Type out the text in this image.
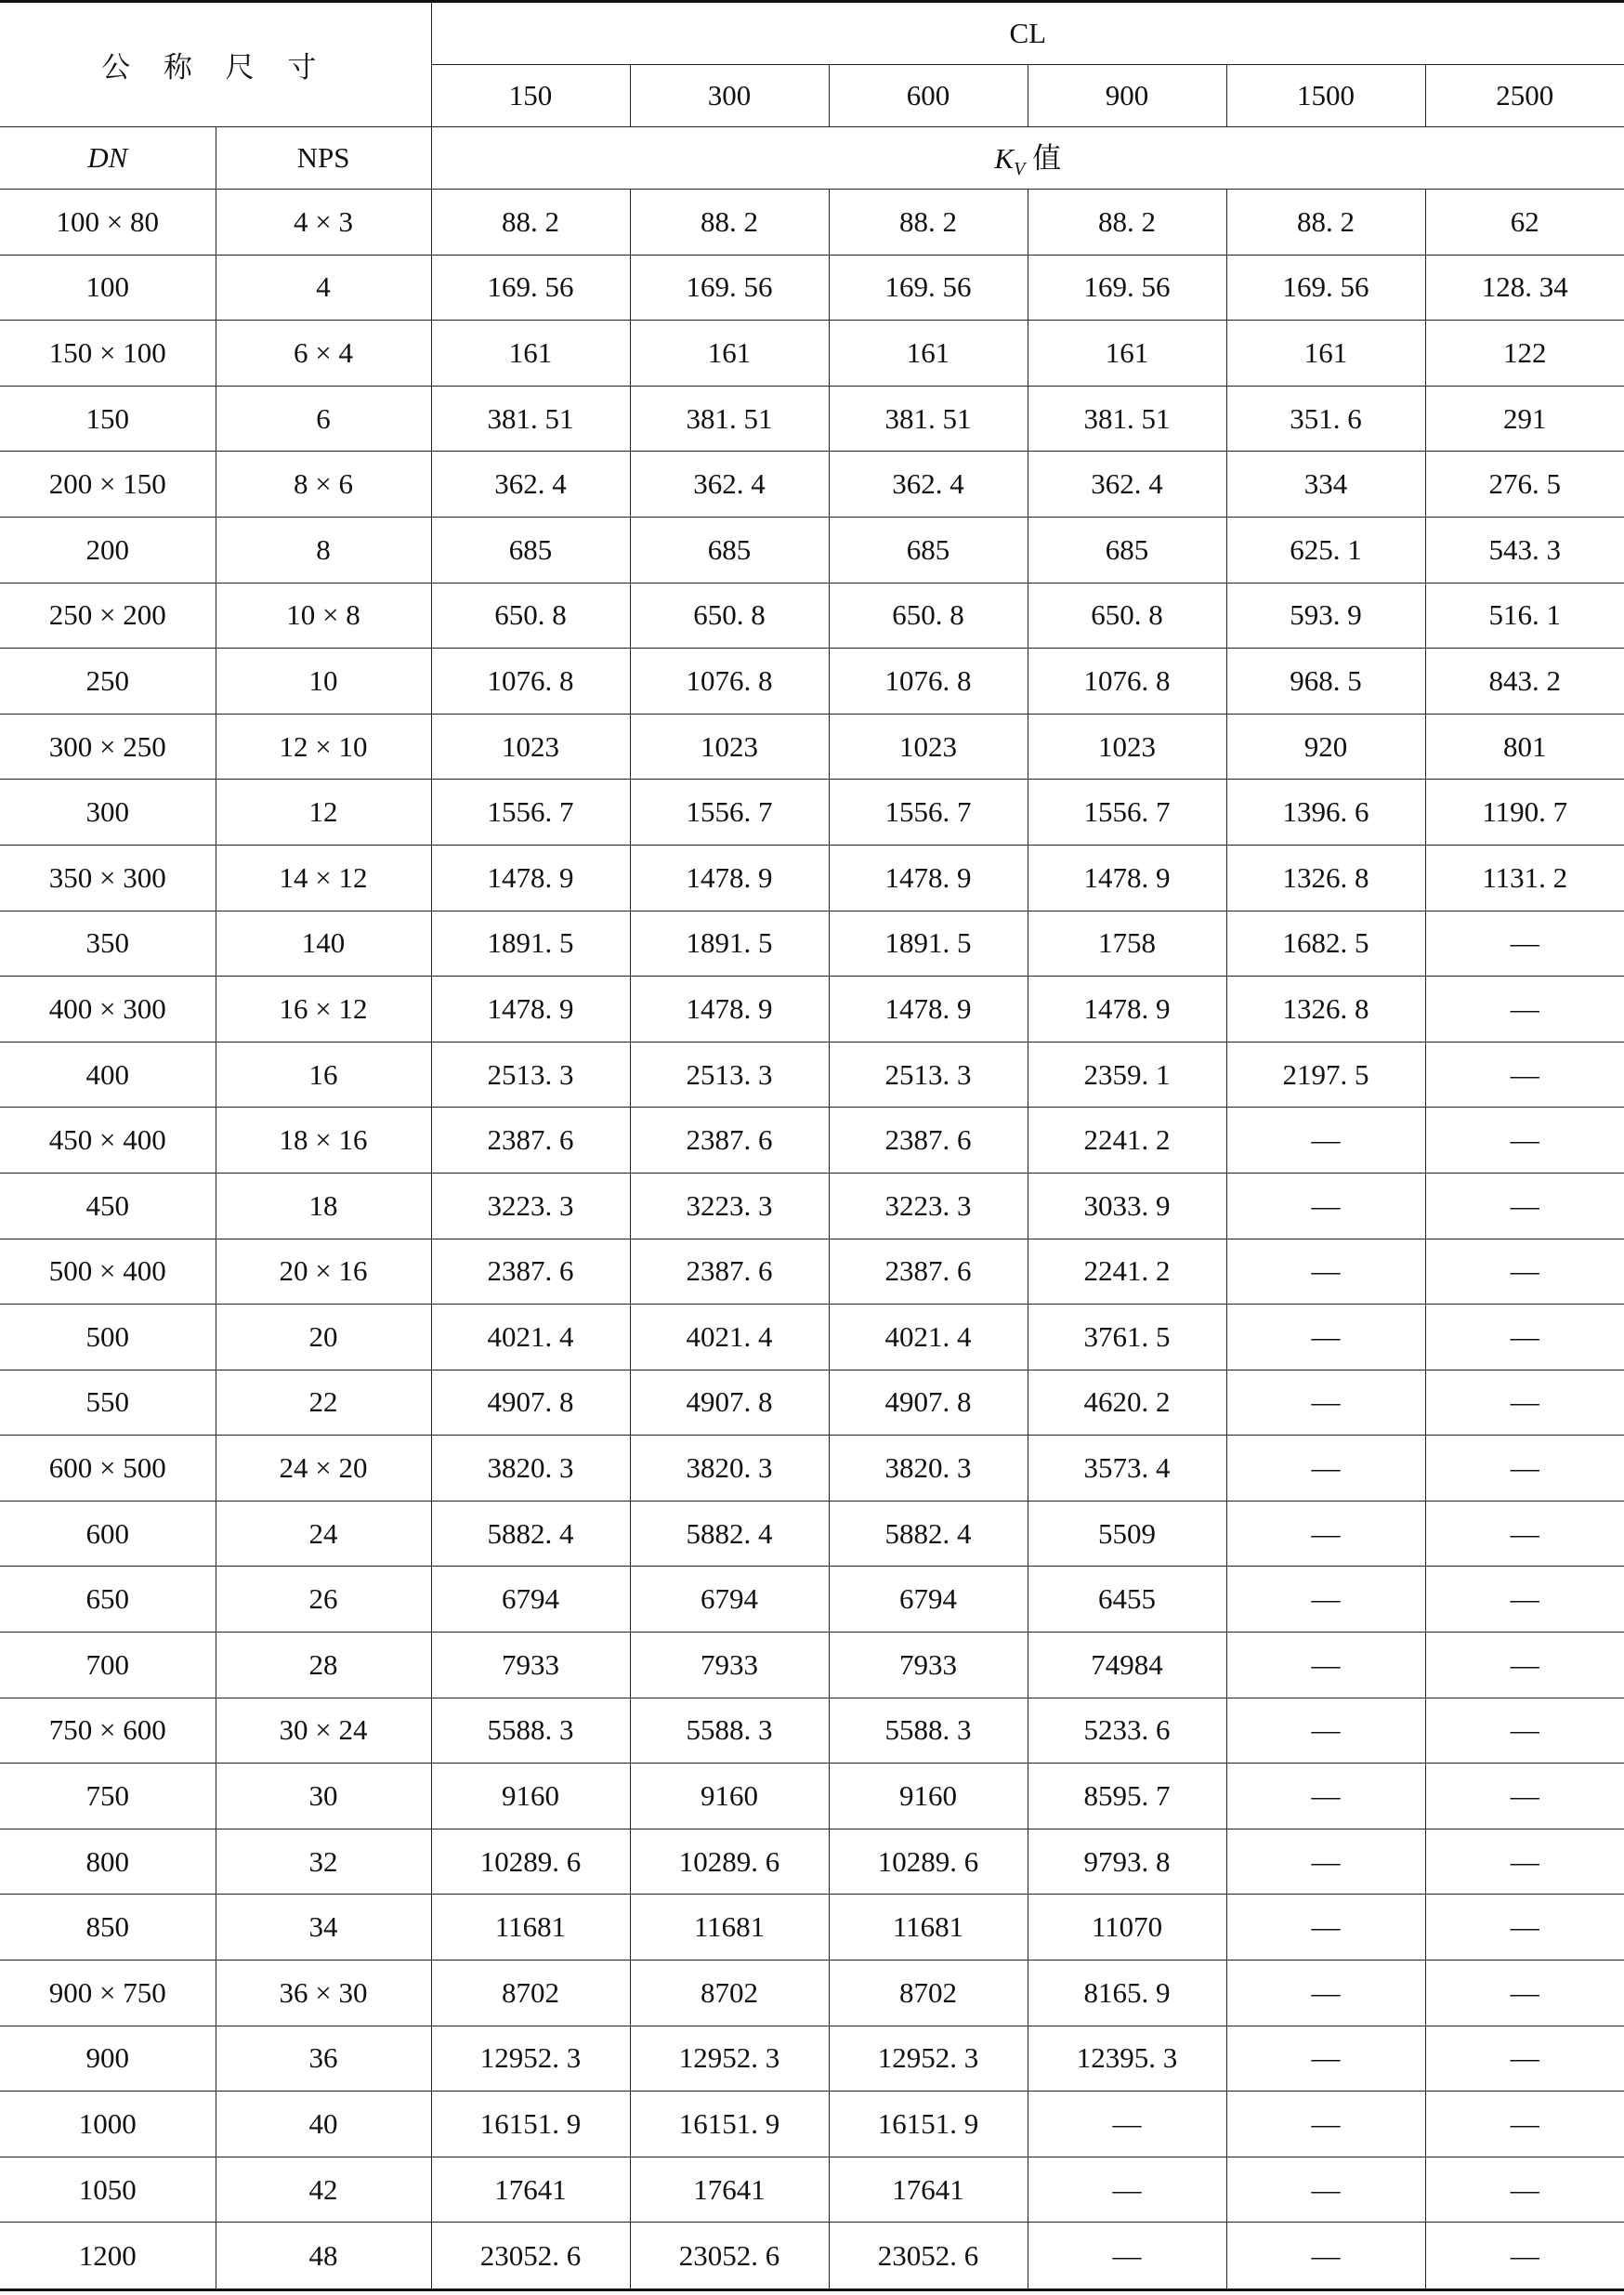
公 称 尺 寸		CL					
		150	300	600	900	1500	2500
DN	NPS	$K_V$ 值					
100 × 80	4 × 3	88. 2	88. 2	88. 2	88. 2	88. 2	62
100	4	169. 56	169. 56	169. 56	169. 56	169. 56	128. 34
150 × 100	6 × 4	161	161	161	161	161	122
150	6	381. 51	381. 51	381. 51	381. 51	351. 6	291
200 × 150	8 × 6	362. 4	362. 4	362. 4	362. 4	334	276. 5
200	8	685	685	685	685	625. 1	543. 3
250 × 200	10 × 8	650. 8	650. 8	650. 8	650. 8	593. 9	516. 1
250	10	1076. 8	1076. 8	1076. 8	1076. 8	968. 5	843. 2
300 × 250	12 × 10	1023	1023	1023	1023	920	801
300	12	1556. 7	1556. 7	1556. 7	1556. 7	1396. 6	1190. 7
350 × 300	14 × 12	1478. 9	1478. 9	1478. 9	1478. 9	1326. 8	1131. 2
350	140	1891. 5	1891. 5	1891. 5	1758	1682. 5	—
400 × 300	16 × 12	1478. 9	1478. 9	1478. 9	1478. 9	1326. 8	—
400	16	2513. 3	2513. 3	2513. 3	2359. 1	2197. 5	—
450 × 400	18 × 16	2387. 6	2387. 6	2387. 6	2241. 2	—	—
450	18	3223. 3	3223. 3	3223. 3	3033. 9	—	—
500 × 400	20 × 16	2387. 6	2387. 6	2387. 6	2241. 2	—	—
500	20	4021. 4	4021. 4	4021. 4	3761. 5	—	—
550	22	4907. 8	4907. 8	4907. 8	4620. 2	—	—
600 × 500	24 × 20	3820. 3	3820. 3	3820. 3	3573. 4	—	—
600	24	5882. 4	5882. 4	5882. 4	5509	—	—
650	26	6794	6794	6794	6455	—	—
700	28	7933	7933	7933	74984	—	—
750 × 600	30 × 24	5588. 3	5588. 3	5588. 3	5233. 6	—	—
750	30	9160	9160	9160	8595. 7	—	—
800	32	10289. 6	10289. 6	10289. 6	9793. 8	—	—
850	34	11681	11681	11681	11070	—	—
900 × 750	36 × 30	8702	8702	8702	8165. 9	—	—
900	36	12952. 3	12952. 3	12952. 3	12395. 3	—	—
1000	40	16151. 9	16151. 9	16151. 9	—	—	—
1050	42	17641	17641	17641	—	—	—
1200	48	23052. 6	23052. 6	23052. 6	—	—	—
